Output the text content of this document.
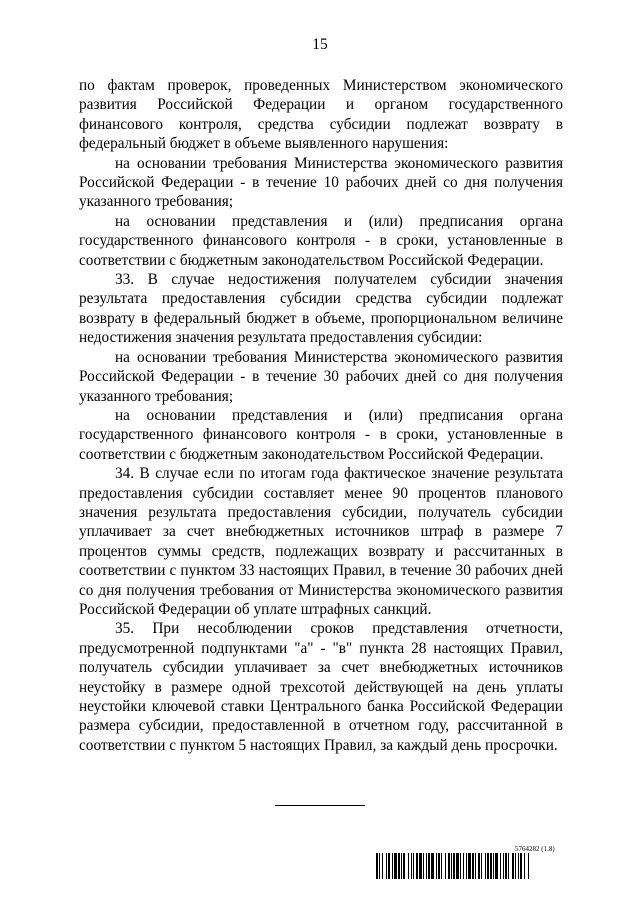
15

по фактам проверок, проведенных Министерством экономического развития Российской Федерации и органом государственного финансового контроля, средства субсидии подлежат возврату в федеральный бюджет в объеме выявленного нарушения:

на основании требования Министерства экономического развития Российской Федерации - в течение 10 рабочих дней со дня получения указанного требования;

на основании представления и (или) предписания органа государственного финансового контроля - в сроки, установленные в соответствии с бюджетным законодательством Российской Федерации.

33. В случае недостижения получателем субсидии значения результата предоставления субсидии средства субсидии подлежат возврату в федеральный бюджет в объеме, пропорциональном величине недостижения значения результата предоставления субсидии:

на основании требования Министерства экономического развития Российской Федерации - в течение 30 рабочих дней со дня получения указанного требования;

на основании представления и (или) предписания органа государственного финансового контроля - в сроки, установленные в соответствии с бюджетным законодательством Российской Федерации.

34. В случае если по итогам года фактическое значение результата предоставления субсидии составляет менее 90 процентов планового значения результата предоставления субсидии, получатель субсидии уплачивает за счет внебюджетных источников штраф в размере 7 процентов суммы средств, подлежащих возврату и рассчитанных в соответствии с пунктом 33 настоящих Правил, в течение 30 рабочих дней со дня получения требования от Министерства экономического развития Российской Федерации об уплате штрафных санкций.

35. При несоблюдении сроков представления отчетности, предусмотренной подпунктами "а" - "в" пункта 28 настоящих Правил, получатель субсидии уплачивает за счет внебюджетных источников неустойку в размере одной трехсотой действующей на день уплаты неустойки ключевой ставки Центрального банка Российской Федерации размера субсидии, предоставленной в отчетном году, рассчитанной в соответствии с пунктом 5 настоящих Правил, за каждый день просрочки.

5764282 (1.8)
